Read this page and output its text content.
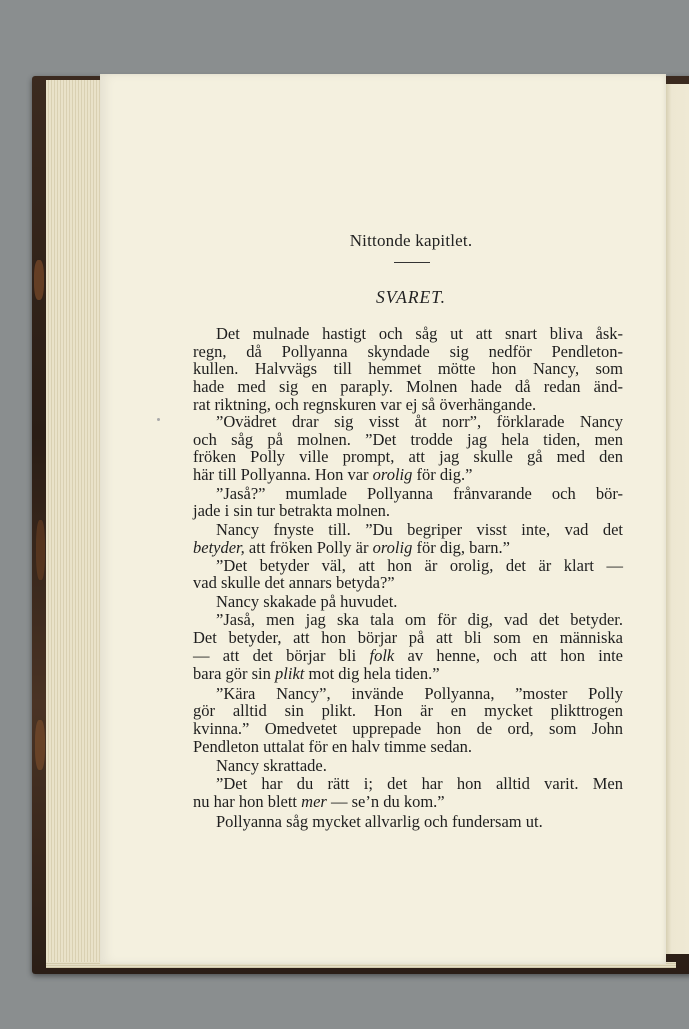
Nittonde kapitlet.
SVARET.
Det mulnade hastigt och såg ut att snart bliva åsk-
regn, då Pollyanna skyndade sig nedför Pendleton-
kullen. Halvvägs till hemmet mötte hon Nancy, som
hade med sig en paraply. Molnen hade då redan änd-
rat riktning, och regnskuren var ej så överhängande.
”Ovädret drar sig visst åt norr”, förklarade Nancy
och såg på molnen. ”Det trodde jag hela tiden, men
fröken Polly ville prompt, att jag skulle gå med den
här till Pollyanna. Hon var orolig för dig.”
”Jaså?” mumlade Pollyanna frånvarande och bör-
jade i sin tur betrakta molnen.
Nancy fnyste till. ”Du begriper visst inte, vad det
betyder, att fröken Polly är orolig för dig, barn.”
”Det betyder väl, att hon är orolig, det är klart —
vad skulle det annars betyda?”
Nancy skakade på huvudet.
”Jaså, men jag ska tala om för dig, vad det betyder.
Det betyder, att hon börjar på att bli som en människa
— att det börjar bli folk av henne, och att hon inte
bara gör sin plikt mot dig hela tiden.”
”Kära Nancy”, invände Pollyanna, ”moster Polly
gör alltid sin plikt. Hon är en mycket plikttrogen
kvinna.” Omedvetet upprepade hon de ord, som John
Pendleton uttalat för en halv timme sedan.
Nancy skrattade.
”Det har du rätt i; det har hon alltid varit. Men
nu har hon blett mer — se’n du kom.”
Pollyanna såg mycket allvarlig och fundersam ut.
